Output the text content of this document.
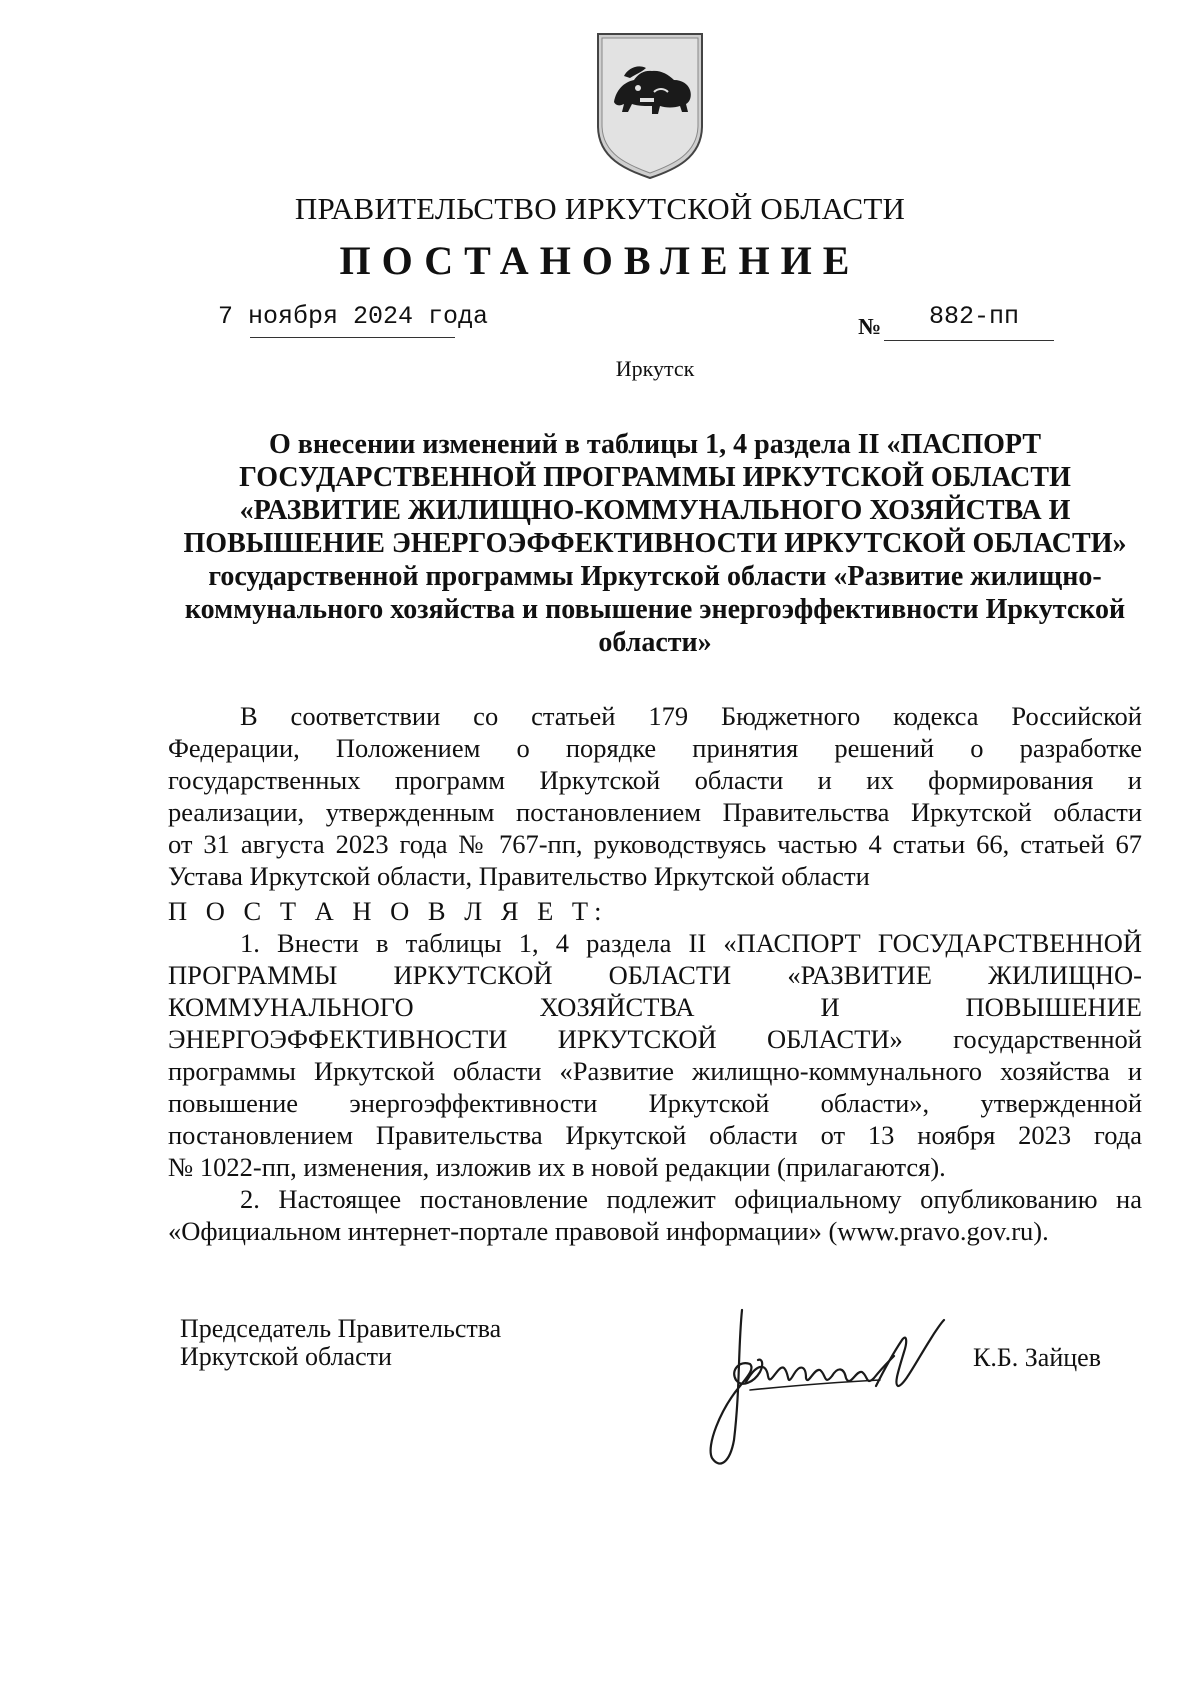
ПРАВИТЕЛЬСТВО ИРКУТСКОЙ ОБЛАСТИ
ПОСТАНОВЛЕНИЕ
7 ноября 2024 года	№ 882-пп
Иркутск
О внесении изменений в таблицы 1, 4 раздела II «ПАСПОРТ
ГОСУДАРСТВЕННОЙ ПРОГРАММЫ ИРКУТСКОЙ ОБЛАСТИ
«РАЗВИТИЕ ЖИЛИЩНО-КОММУНАЛЬНОГО ХОЗЯЙСТВА И
ПОВЫШЕНИЕ ЭНЕРГОЭФФЕКТИВНОСТИ ИРКУТСКОЙ ОБЛАСТИ»
государственной программы Иркутской области «Развитие жилищно-
коммунального хозяйства и повышение энергоэффективности Иркутской
области»
В соответствии со статьей 179 Бюджетного кодекса Российской
Федерации, Положением о порядке принятия решений о разработке
государственных программ Иркутской области и их формирования и
реализации, утвержденным постановлением Правительства Иркутской области
от 31 августа 2023 года № 767-пп, руководствуясь частью 4 статьи 66, статьей 67
Устава Иркутской области, Правительство Иркутской области
П О С Т А Н О В Л Я Е Т:
1. Внести в таблицы 1, 4 раздела II «ПАСПОРТ ГОСУДАРСТВЕННОЙ
ПРОГРАММЫ ИРКУТСКОЙ ОБЛАСТИ «РАЗВИТИЕ ЖИЛИЩНО-
КОММУНАЛЬНОГО ХОЗЯЙСТВА И ПОВЫШЕНИЕ
ЭНЕРГОЭФФЕКТИВНОСТИ ИРКУТСКОЙ ОБЛАСТИ» государственной
программы Иркутской области «Развитие жилищно-коммунального хозяйства и
повышение энергоэффективности Иркутской области», утвержденной
постановлением Правительства Иркутской области от 13 ноября 2023 года
№ 1022-пп, изменения, изложив их в новой редакции (прилагаются).
2. Настоящее постановление подлежит официальному опубликованию на
«Официальном интернет-портале правовой информации» (www.pravo.gov.ru).
Председатель Правительства
Иркутской области	К.Б. Зайцев
